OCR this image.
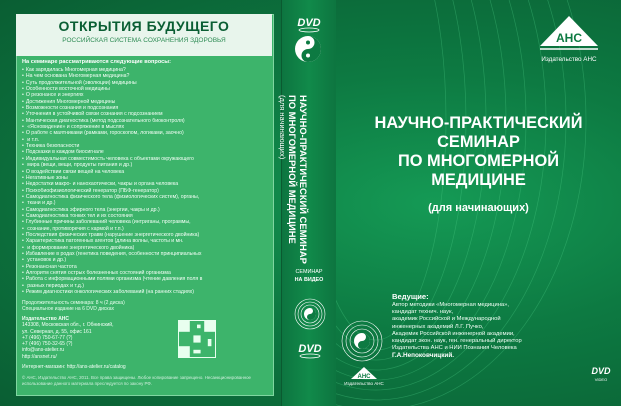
ОТКРЫТИЯ БУДУЩЕГО
РОССИЙСКАЯ СИСТЕМА СОХРАНЕНИЯ ЗДОРОВЬЯ
На семинаре рассматриваются следующие вопросы:
• Как зарядилась Многомерная медицина?
• На чем основана Многомерная медицина?
• Суть продолжительной (эволюции) медицины
• Особенности восточной медицины
• О резонансе и энергиях
• Достижения Многомерной медицины
• Возможности сознания и подсознания
• Уточнения в устойчивой связи сознания с подсознанием
• Мантическая диагностика (метод подсознательного биоконтроля)
• «Ясновидение» и сопряжение в мыслях
• О работе с маятниками (рамками, гороскопом, логиками, заочно)
• и т.п.
• Техника безопасности
• Подсказки в каждом биосигнале
• Индивидуальная совместимость человека с объектами окружающего
• мира (вещи, вещи, продукты питания и др.)
• О воздействии связи вещей на человека
• Негативные зоны
• Недостатки макро- и нанохаотически, чакры и органа человека
• Психобиофизиологический генератор (ПБФ-генератор)
• Самодиагностика физического тела (физиологических систем), органы,
• ткани и др.)
• Самодиагностика эфирного тела (энергии, чакры и др.)
• Самодиагностика тонких тел и их состояния
• Глубинные причины заболеваний человека (интриганы, программы,
• сознание, противоречия с кармой и т.п.)
• Последствия физических травм (нарушение энергетического двойника)
• Характеристика патогенных агентов (длина волны, частоты и мн.
• и формирование энергетического двойника)
• Избавление в родах (генетика поведения, особенности принципиальных
• установок и др.)
• Резонансная частота
• Алгоритм снятия острых болезненных состояний организма
• Работа с информационными полями организма (чтение давления поля в
• разных периодах и т.д.)
• Режим диагностики онкологических заболеваний (на ранних стадиях)
Продолжительность семинара: 8 ч (2 диска)
Специальное издание на 6 DVD дисках
Издательство АНС
143308, Московская обл., г. Обнинский,
ул. Северная, д. 55, офис 161
+7 (496) 750-67-77 (?)
+7 (496) 750-32-65 (?)
info@ans-atelier.ru
http://ansnet.ru/
Интернет-магазин: http://ans-atelier.ru/catalog
© АНС, Издательство АНС, 2011. Все права защищены. Любое копирование запрещено. Несанкционированное использование данного материала преследуется по закону РФ.
DVD
НАУЧНО-ПРАКТИЧЕСКИЙ СЕМИНАР
ПО МНОГОМЕРНОЙ МЕДИЦИНЕ
(для начинающих)
СЕМИНАР
НА ВИДЕО
DVD
АНС
Издательство АНС
НАУЧНО-ПРАКТИЧЕСКИЙ
СЕМИНАР
ПО МНОГОМЕРНОЙ
МЕДИЦИНЕ
(для начинающих)
АНС
Издательство АНС
Ведущие:
Автор методики «Многомерная медицина»,
кандидат технич. наук,
академик Российской и Международной
инженерных академий Л.Г. Пучко,
Академик Российской инженерной академии,
кандидат экон. наук, ген. генеральный директор
Издательства АНС и НИИ Познания Человека
Г.А.Непоковчицкий.
DVD
VIDEO
